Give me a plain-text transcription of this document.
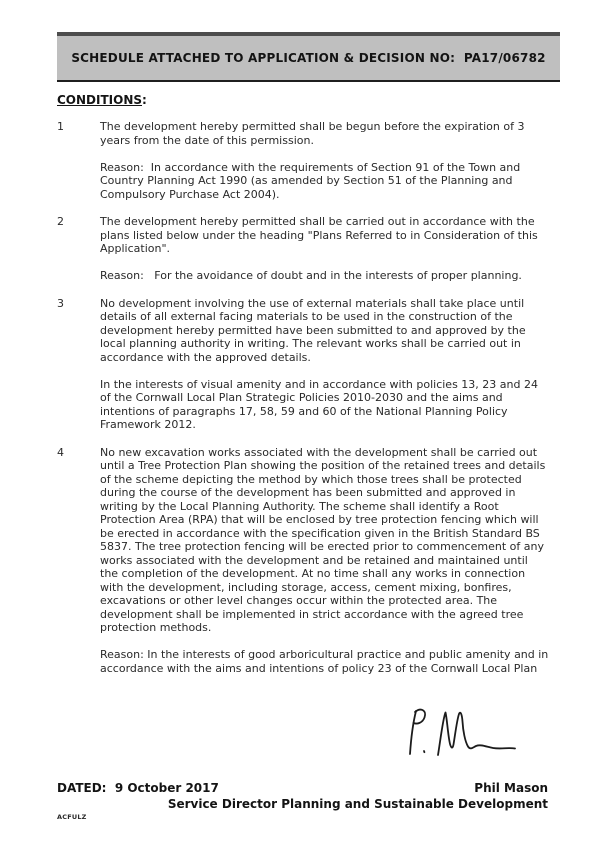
SCHEDULE ATTACHED TO APPLICATION & DECISION NO:  PA17/06782
CONDITIONS:
1	The development hereby permitted shall be begun before the expiration of 3 years from the date of this permission.

Reason:  In accordance with the requirements of Section 91 of the Town and Country Planning Act 1990 (as amended by Section 51 of the Planning and Compulsory Purchase Act 2004).

2	The development hereby permitted shall be carried out in accordance with the plans listed below under the heading "Plans Referred to in Consideration of this Application".

Reason:   For the avoidance of doubt and in the interests of proper planning.

3	No development involving the use of external materials shall take place until details of all external facing materials to be used in the construction of the development hereby permitted have been submitted to and approved by the local planning authority in writing. The relevant works shall be carried out in accordance with the approved details.

In the interests of visual amenity and in accordance with policies 13, 23 and 24 of the Cornwall Local Plan Strategic Policies 2010-2030 and the aims and intentions of paragraphs 17, 58, 59 and 60 of the National Planning Policy Framework 2012.

4	No new excavation works associated with the development shall be carried out until a Tree Protection Plan showing the position of the retained trees and details of the scheme depicting the method by which those trees shall be protected during the course of the development has been submitted and approved in writing by the Local Planning Authority. The scheme shall identify a Root Protection Area (RPA) that will be enclosed by tree protection fencing which will be erected in accordance with the specification given in the British Standard BS 5837. The tree protection fencing will be erected prior to commencement of any works associated with the development and be retained and maintained until the completion of the development. At no time shall any works in connection with the development, including storage, access, cement mixing, bonfires, excavations or other level changes occur within the protected area. The development shall be implemented in strict accordance with the agreed tree protection methods.

Reason: In the interests of good arboricultural practice and public amenity and in accordance with the aims and intentions of policy 23 of the Cornwall Local Plan

DATED:  9 October 2017	Phil Mason
Service Director Planning and Sustainable Development
ACFULZ
